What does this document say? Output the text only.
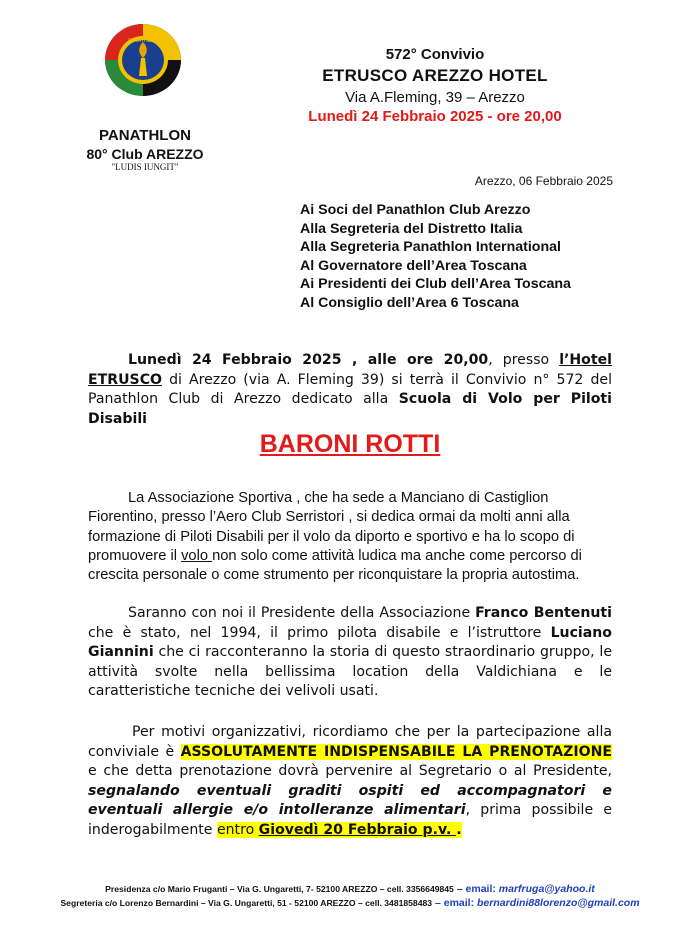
PANATHLON
572° Convivio
ETRUSCO AREZZO HOTEL
Via A.Fleming, 39 – Arezzo
Lunedì 24 Febbraio 2025 - ore 20,00
PANATHLON
80° Club AREZZO
"LUDIS IUNGIT"
Arezzo, 06 Febbraio 2025
Ai Soci del Panathlon Club Arezzo
Alla Segreteria del Distretto Italia
Alla Segreteria Panathlon International
Al Governatore dell’Area Toscana
Ai Presidenti dei Club dell’Area Toscana
Al Consiglio dell’Area 6 Toscana
Lunedì 24 Febbraio 2025 , alle ore 20,00, presso l’Hotel ETRUSCO di Arezzo (via A. Fleming 39) si terrà il Convivio n° 572 del Panathlon Club di Arezzo dedicato alla Scuola di Volo per Piloti Disabili
BARONI ROTTI
La Associazione Sportiva , che ha sede a Manciano di Castiglion Fiorentino, presso l’Aero Club Serristori , si dedica ormai da molti anni alla formazione di Piloti Disabili per il volo da diporto e sportivo e ha lo scopo di promuovere il volo non solo come attività ludica ma anche come percorso di crescita personale o come strumento per riconquistare la propria autostima.
Saranno con noi il Presidente della Associazione Franco Bentenuti che è stato, nel 1994, il primo pilota disabile e l’istruttore Luciano Giannini che ci racconteranno la storia di questo straordinario gruppo, le attività svolte nella bellissima location della Valdichiana e le caratteristiche tecniche dei velivoli usati.
Per motivi organizzativi, ricordiamo che per la partecipazione alla conviviale è ASSOLUTAMENTE INDISPENSABILE LA PRENOTAZIONE e che detta prenotazione dovrà pervenire al Segretario o al Presidente, segnalando eventuali graditi ospiti ed accompagnatori e eventuali allergie e/o intolleranze alimentari, prima possibile e inderogabilmente entro Giovedì 20 Febbraio p.v. .
Presidenza c/o Mario Fruganti – Via G. Ungaretti, 7- 52100 AREZZO – cell. 3356649845 – email: marfruga@yahoo.it
Segreteria c/o Lorenzo Bernardini – Via G. Ungaretti, 51 - 52100 AREZZO – cell. 3481858483 – email: bernardini88lorenzo@gmail.com
